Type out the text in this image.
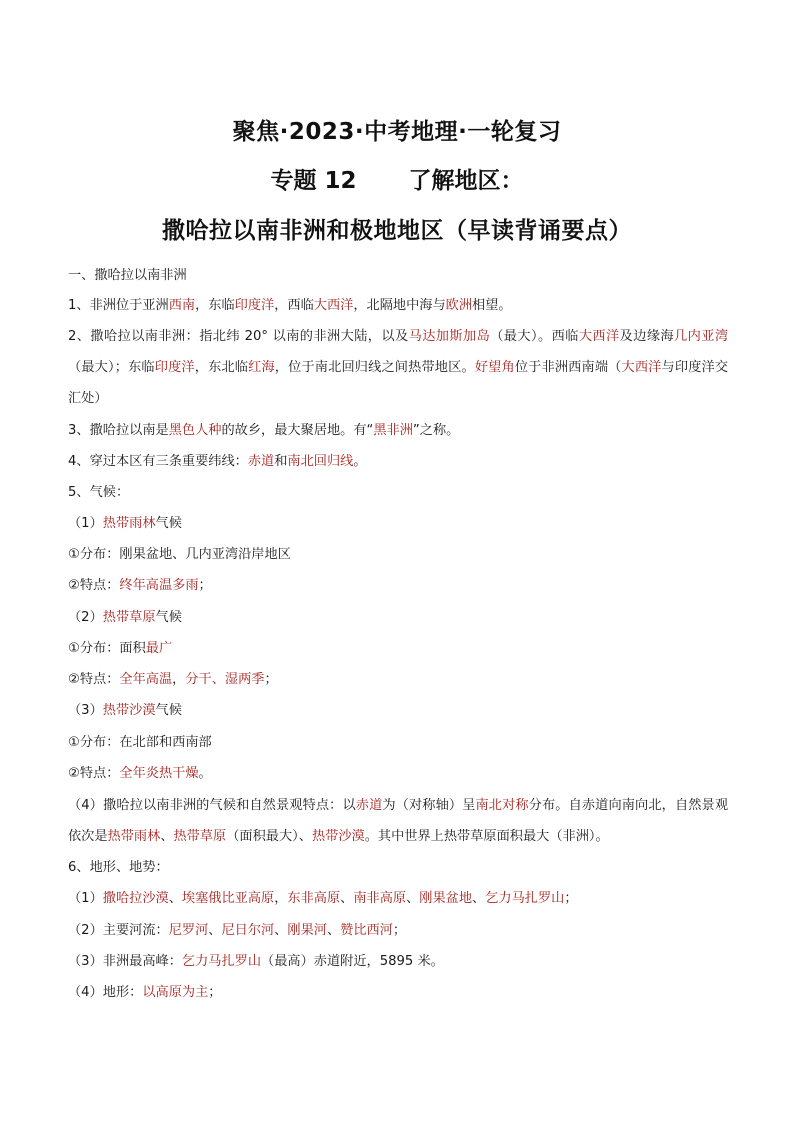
聚焦·2023·中考地理·一轮复习
专题 12 了解地区：
撒哈拉以南非洲和极地地区（早读背诵要点）

一、撒哈拉以南非洲

1、非洲位于亚洲西南，东临印度洋，西临大西洋，北隔地中海与欧洲相望。

2、撒哈拉以南非洲：指北纬 20° 以南的非洲大陆，以及马达加斯加岛（最大）。西临大西洋及边缘海几内亚湾（最大）；东临印度洋，东北临红海，位于南北回归线之间热带地区。好望角位于非洲西南端（大西洋与印度洋交汇处）

3、撒哈拉以南是黑色人种的故乡，最大聚居地。有“黑非洲”之称。

4、穿过本区有三条重要纬线：赤道和南北回归线。

5、气候：

（1）热带雨林气候

①分布：刚果盆地、几内亚湾沿岸地区

②特点：终年高温多雨；

（2）热带草原气候

①分布：面积最广

②特点：全年高温，分干、湿两季；

（3）热带沙漠气候

①分布：在北部和西南部

②特点：全年炎热干燥。

（4）撒哈拉以南非洲的气候和自然景观特点：以赤道为（对称轴）呈南北对称分布。自赤道向南向北，自然景观依次是热带雨林、热带草原（面积最大）、热带沙漠。其中世界上热带草原面积最大（非洲）。

6、地形、地势：

（1）撒哈拉沙漠、埃塞俄比亚高原，东非高原、南非高原、刚果盆地、乞力马扎罗山；

（2）主要河流：尼罗河、尼日尔河、刚果河、赞比西河；

（3）非洲最高峰：乞力马扎罗山（最高）赤道附近，5895 米。

（4）地形：以高原为主；
